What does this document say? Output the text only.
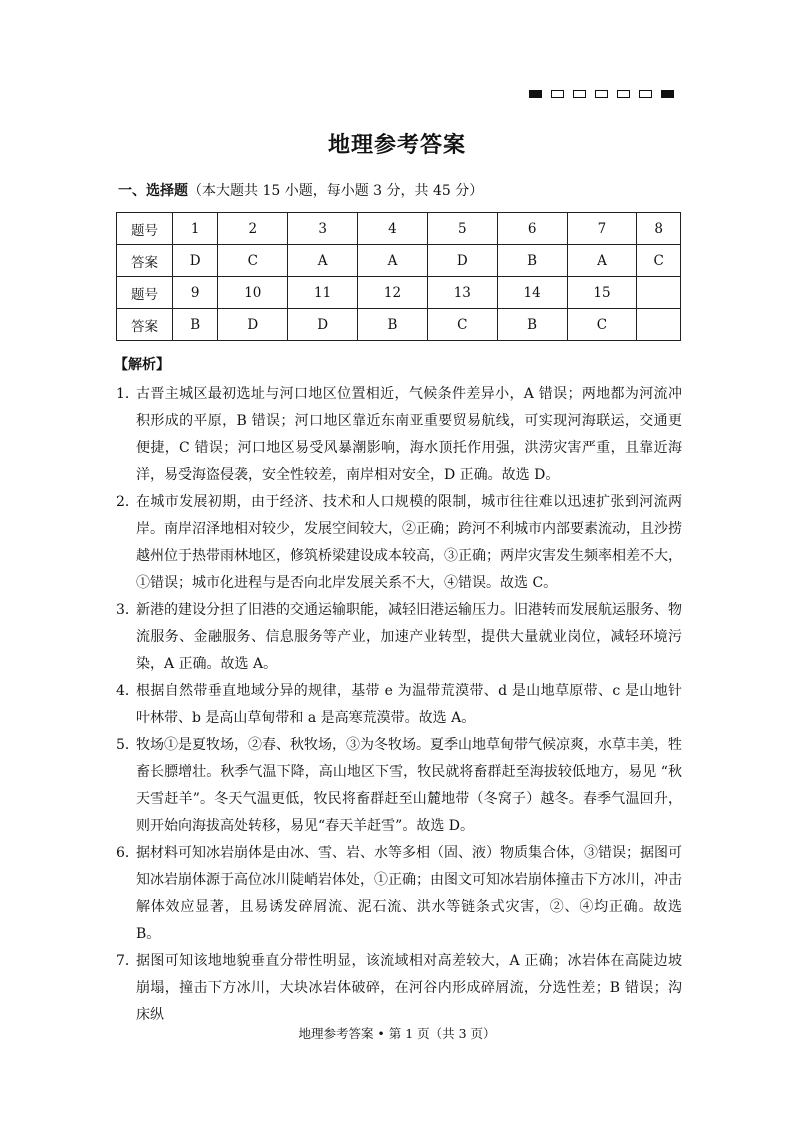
地理参考答案
一、选择题（本大题共 15 小题，每小题 3 分，共 45 分）
题号	1	2	3	4	5	6	7	8
答案	D	C	A	A	D	B	A	C
题号	9	10	11	12	13	14	15	
答案	B	D	D	B	C	B	C	
【解析】
1．
古晋主城区最初选址与河口地区位置相近，气候条件差异小，A 错误；两地都为河流冲积形成的平原，B 错误；河口地区靠近东南亚重要贸易航线，可实现河海联运，交通更便捷，C 错误；河口地区易受风暴潮影响，海水顶托作用强，洪涝灾害严重，且靠近海洋，易受海盗侵袭，安全性较差，南岸相对安全，D 正确。故选 D。
2．
在城市发展初期，由于经济、技术和人口规模的限制，城市往往难以迅速扩张到河流两岸。南岸沼泽地相对较少，发展空间较大，②正确；跨河不利城市内部要素流动，且沙捞越州位于热带雨林地区，修筑桥梁建设成本较高，③正确；两岸灾害发生频率相差不大，①错误；城市化进程与是否向北岸发展关系不大，④错误。故选 C。
3．
新港的建设分担了旧港的交通运输职能，减轻旧港运输压力。旧港转而发展航运服务、物流服务、金融服务、信息服务等产业，加速产业转型，提供大量就业岗位，减轻环境污染，A 正确。故选 A。
4．
根据自然带垂直地域分异的规律，基带 e 为温带荒漠带、d 是山地草原带、c 是山地针叶林带、b 是高山草甸带和 a 是高寒荒漠带。故选 A。
5．
牧场①是夏牧场，②春、秋牧场，③为冬牧场。夏季山地草甸带气候凉爽，水草丰美，牲畜长膘增壮。秋季气温下降，高山地区下雪，牧民就将畜群赶至海拔较低地方，易见 “秋天雪赶羊”。冬天气温更低，牧民将畜群赶至山麓地带（冬窝子）越冬。春季气温回升，则开始向海拔高处转移，易见“春天羊赶雪”。故选 D。
6．
据材料可知冰岩崩体是由冰、雪、岩、水等多相（固、液）物质集合体，③错误；据图可知冰岩崩体源于高位冰川陡峭岩体处，①正确；由图文可知冰岩崩体撞击下方冰川，冲击解体效应显著，且易诱发碎屑流、泥石流、洪水等链条式灾害，②、④均正确。故选 B。
7．
据图可知该地地貌垂直分带性明显，该流域相对高差较大，A 正确；冰岩体在高陡边坡崩塌，撞击下方冰川，大块冰岩体破碎，在河谷内形成碎屑流，分选性差；B 错误；沟床纵
地理参考答案 • 第 1 页（共 3 页）
